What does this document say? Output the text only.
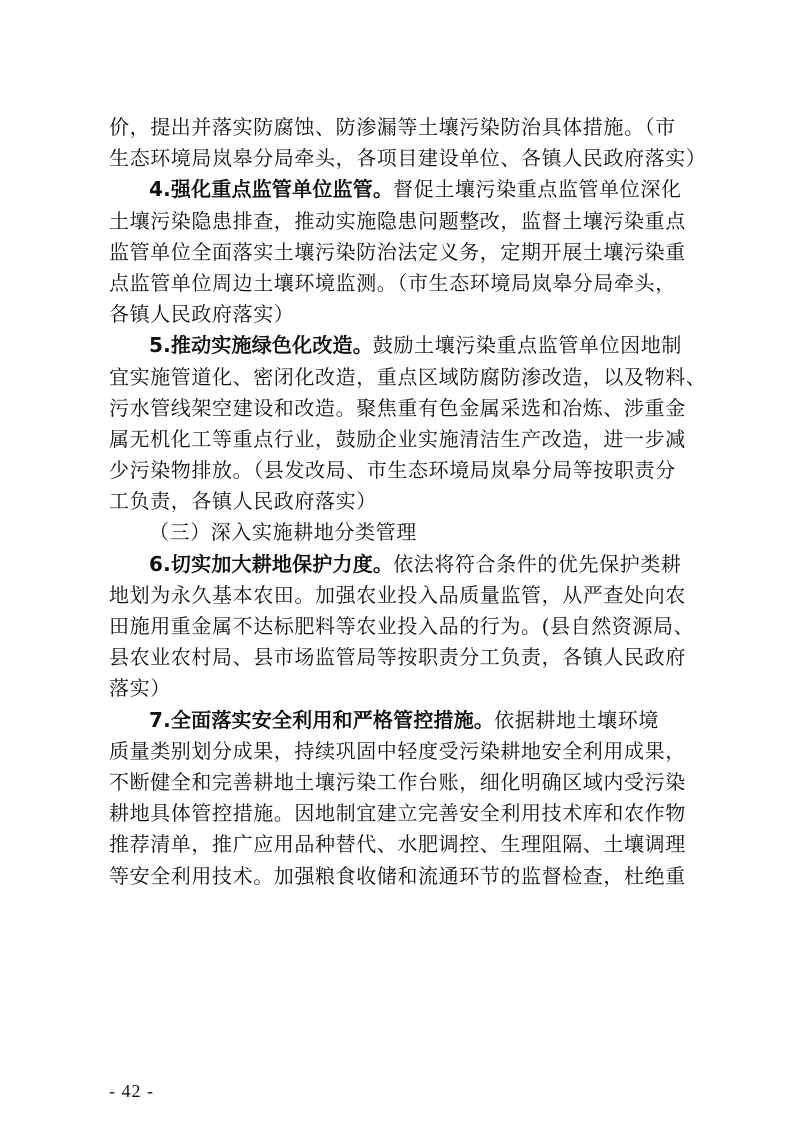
价，提出并落实防腐蚀、防渗漏等土壤污染防治具体措施。（市
生态环境局岚皋分局牵头，各项目建设单位、各镇人民政府落实）
4.强化重点监管单位监管。督促土壤污染重点监管单位深化
土壤污染隐患排查，推动实施隐患问题整改，监督土壤污染重点
监管单位全面落实土壤污染防治法定义务，定期开展土壤污染重
点监管单位周边土壤环境监测。（市生态环境局岚皋分局牵头，
各镇人民政府落实）
5.推动实施绿色化改造。鼓励土壤污染重点监管单位因地制
宜实施管道化、密闭化改造，重点区域防腐防渗改造，以及物料、
污水管线架空建设和改造。聚焦重有色金属采选和冶炼、涉重金
属无机化工等重点行业，鼓励企业实施清洁生产改造，进一步减
少污染物排放。（县发改局、市生态环境局岚皋分局等按职责分
工负责，各镇人民政府落实）
（三）深入实施耕地分类管理
6.切实加大耕地保护力度。依法将符合条件的优先保护类耕
地划为永久基本农田。加强农业投入品质量监管，从严查处向农
田施用重金属不达标肥料等农业投入品的行为。(县自然资源局、
县农业农村局、县市场监管局等按职责分工负责，各镇人民政府
落实）
7.全面落实安全利用和严格管控措施。依据耕地土壤环境
质量类别划分成果，持续巩固中轻度受污染耕地安全利用成果，
不断健全和完善耕地土壤污染工作台账，细化明确区域内受污染
耕地具体管控措施。因地制宜建立完善安全利用技术库和农作物
推荐清单，推广应用品种替代、水肥调控、生理阻隔、土壤调理
等安全利用技术。加强粮食收储和流通环节的监督检查，杜绝重
- 42 -
